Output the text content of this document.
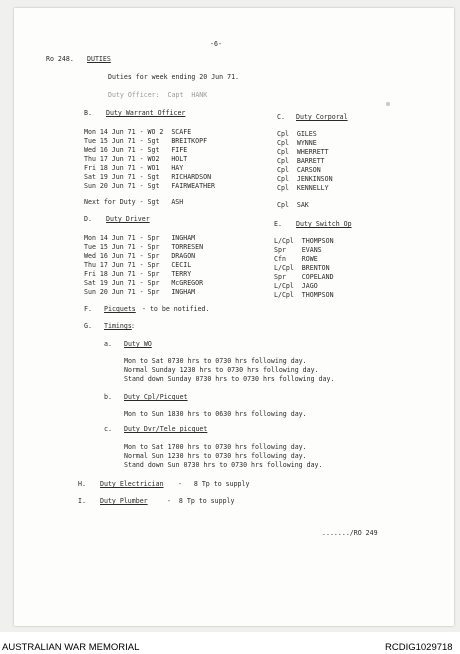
-6-
Ro 248. DUTIES
Duties for week ending 20 Jun 71.
Duty Officer:  Capt  HANK
B. Duty Warrant Officer
Mon 14 Jun 71 - WO 2  SCAFE
Tue 15 Jun 71 - Sgt   BREITKOPF
Wed 16 Jun 71 - Sgt   FIFE
Thu 17 Jun 71 - WO2   HOLT
Fri 18 Jun 71 - WO1   HAY
Sat 19 Jun 71 - Sgt   RICHARDSON
Sun 20 Jun 71 - Sgt   FAIRWEATHER
Next for Duty - Sgt   ASH
C. Duty Corporal
Cpl  GILES
Cpl  WYNNE
Cpl  WHERRETT
Cpl  BARRETT
Cpl  CARSON
Cpl  JENKINSON
Cpl  KENNELLY
Cpl  SAK
D. Duty Driver
Mon 14 Jun 71 - Spr   INGHAM
Tue 15 Jun 71 - Spr   TORRESEN
Wed 16 Jun 71 - Spr   DRAGON
Thu 17 Jun 71 - Spr   CECIL
Fri 18 Jun 71 - Spr   TERRY
Sat 19 Jun 71 - Spr   McGREGOR
Sun 20 Jun 71 - Spr   INGHAM
E. Duty Switch Op
L/Cpl  THOMPSON
Spr    EVANS
Cfn    ROWE
L/Cpl  BRENTON
Spr    COPELAND
L/Cpl  JAGO
L/Cpl  THOMPSON
F. Picquets - to be notified.
G. Timings :
a. Duty WO
Mon to Sat 0730 hrs to 0730 hrs following day.
Normal Sunday 1230 hrs to 0730 hrs following day.
Stand down Sunday 0730 hrs to 0730 hrs following day.
b. Duty Cpl/Picquet
Mon to Sun 1830 hrs to 0630 hrs following day.
c. Duty Dvr/Tele picquet
Mon to Sat 1700 hrs to 0730 hrs following day.
Normal Sun 1230 hrs to 0730 hrs following day.
Stand down Sun 0730 hrs to 0730 hrs following day.
H. Duty Electrician -   8 Tp to supply
I. Duty Plumber	-  8 Tp to supply
......./RO 249
AUSTRALIAN WAR MEMORIAL	RCDIG1029718
